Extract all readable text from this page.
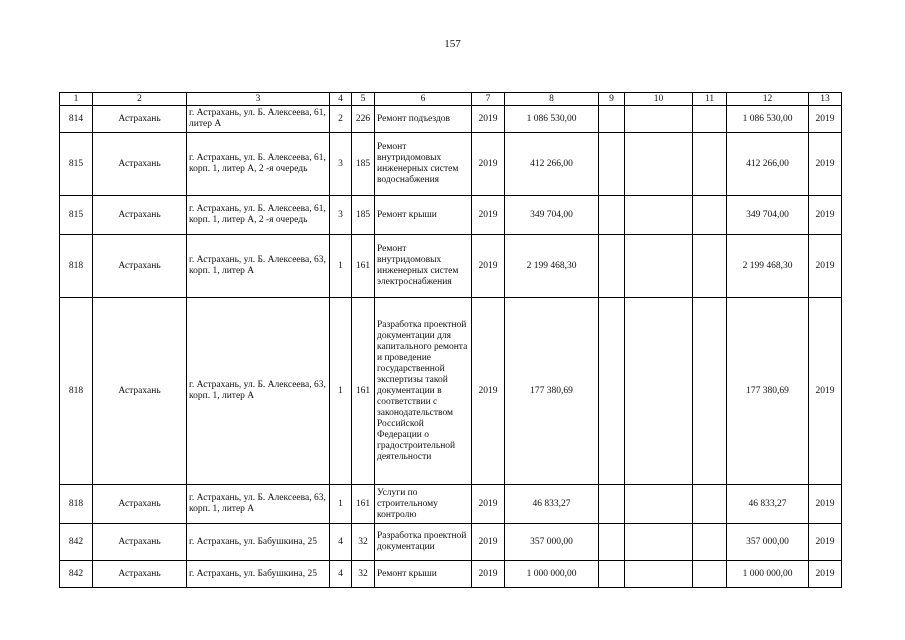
157
1	2	3	4	5	6	7	8	9	10	11	12	13
814	Астрахань	г. Астрахань, ул. Б. Алексеева, 61, литер А	2	226	Ремонт подъездов	2019	1 086 530,00				1 086 530,00	2019
815	Астрахань	г. Астрахань, ул. Б. Алексеева, 61, корп. 1, литер А, 2 -я очередь	3	185	Ремонт внутридомовых инженерных систем водоснабжения	2019	412 266,00				412 266,00	2019
815	Астрахань	г. Астрахань, ул. Б. Алексеева, 61, корп. 1, литер А, 2 -я очередь	3	185	Ремонт крыши	2019	349 704,00				349 704,00	2019
818	Астрахань	г. Астрахань, ул. Б. Алексеева, 63, корп. 1, литер А	1	161	Ремонт внутридомовых инженерных систем электроснабжения	2019	2 199 468,30				2 199 468,30	2019
818	Астрахань	г. Астрахань, ул. Б. Алексеева, 63, корп. 1, литер А	1	161	Разработка проектной документации для капитального ремонта и проведение государственной экспертизы такой документации в соответствии с законодательством Российской Федерации о градостроительной деятельности	2019	177 380,69				177 380,69	2019
818	Астрахань	г. Астрахань, ул. Б. Алексеева, 63, корп. 1, литер А	1	161	Услуги по строительному контролю	2019	46 833,27				46 833,27	2019
842	Астрахань	г. Астрахань, ул. Бабушкина, 25	4	32	Разработка проектной документации	2019	357 000,00				357 000,00	2019
842	Астрахань	г. Астрахань, ул. Бабушкина, 25	4	32	Ремонт крыши	2019	1 000 000,00				1 000 000,00	2019
